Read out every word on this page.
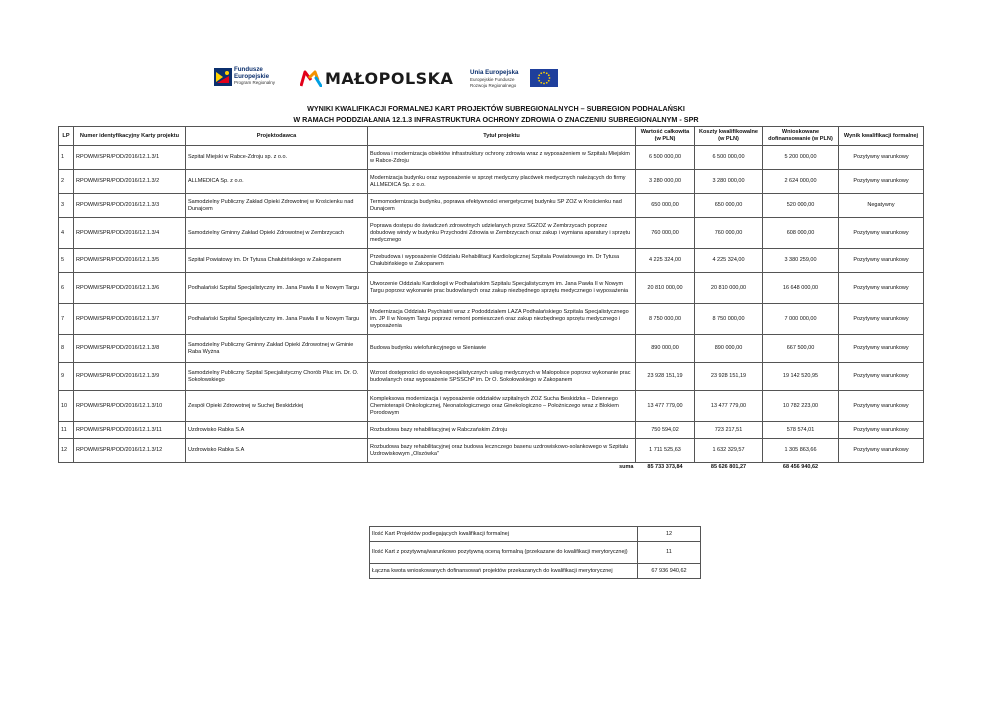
Fundusze
Europejskie
Program Regionalny	MAŁOPOLSKA	Unia Europejska
Europejskie Fundusze
Rozwoju Regionalnego
WYNIKI KWALIFIKACJI FORMALNEJ KART PROJEKTÓW SUBREGIONALNYCH – SUBREGION PODHALAŃSKI
W RAMACH PODDZIAŁANIA 12.1.3 INFRASTRUKTURA OCHRONY ZDROWIA O ZNACZENIU SUBREGIONALNYM - SPR
LP	Numer identyfikacyjny Karty projektu	Projektodawca	Tytuł projektu	Wartość całkowita (w PLN)	Koszty kwalifikowalne (w PLN)	Wnioskowane dofinansowanie (w PLN)	Wynik kwalifikacji formalnej
1	RPOWM/SPR/POD/2016/12.1.3/1	Szpital Miejski w Rabce-Zdroju sp. z o.o.	Budowa i modernizacja obiektów infrastruktury ochrony zdrowia wraz z wyposażeniem w Szpitalu Miejskim w Rabce-Zdroju	6 500 000,00	6 500 000,00	5 200 000,00	Pozytywny warunkowy
2	RPOWM/SPR/POD/2016/12.1.3/2	ALLMEDICA Sp. z o.o.	Modernizacja budynku oraz wyposażenie w sprzęt medyczny placówek medycznych należących do firmy ALLMEDICA Sp. z o.o.	3 280 000,00	3 280 000,00	2 624 000,00	Pozytywny warunkowy
3	RPOWM/SPR/POD/2016/12.1.3/3	Samodzielny Publiczny Zakład Opieki Zdrowotnej w Krościenku nad Dunajcem	Termomodernizacja budynku, poprawa efektywności energetycznej budynku SP ZOZ w Krościenku nad Dunajcem	650 000,00	650 000,00	520 000,00	Negatywny
4	RPOWM/SPR/POD/2016/12.1.3/4	Samodzielny Gminny Zakład Opieki Zdrowotnej w Zembrzycach	Poprawa dostępu do świadczeń zdrowotnych udzielanych przez SGZOZ w Zembrzycach poprzez dobudowę windy w budynku Przychodni Zdrowia w Zembrzycach oraz zakup i wymiana aparatury i sprzętu medycznego	760 000,00	760 000,00	608 000,00	Pozytywny warunkowy
5	RPOWM/SPR/POD/2016/12.1.3/5	Szpital Powiatowy im. Dr Tytusa Chałubińskiego w Zakopanem	Przebudowa i wyposażenie Oddziału Rehabilitacji Kardiologicznej Szpitala Powiatowego im. Dr Tytusa Chałubińskiego w Zakopanem	4 225 324,00	4 225 324,00	3 380 259,00	Pozytywny warunkowy
6	RPOWM/SPR/POD/2016/12.1.3/6	Podhalański Szpital Specjalistyczny im. Jana Pawła II w Nowym Targu	Utworzenie Oddziału Kardiologii w Podhalańskim Szpitalu Specjalistycznym im. Jana Pawła II w Nowym Targu poprzez wykonanie prac budowlanych oraz zakup niezbędnego sprzętu medycznego i wyposażenia	20 810 000,00	20 810 000,00	16 648 000,00	Pozytywny warunkowy
7	RPOWM/SPR/POD/2016/12.1.3/7	Podhalański Szpital Specjalistyczny im. Jana Pawła II w Nowym Targu	Modernizacja Oddziału Psychiatrii wraz z Pododdziałem LAZA Podhalańskiego Szpitala Specjalistycznego im. JP II w Nowym Targu poprzez remont pomieszczeń oraz zakup niezbędnego sprzętu medycznego i wyposażenia	8 750 000,00	8 750 000,00	7 000 000,00	Pozytywny warunkowy
8	RPOWM/SPR/POD/2016/12.1.3/8	Samodzielny Publiczny Gminny Zakład Opieki Zdrowotnej w Gminie Raba Wyżna	Budowa budynku wielofunkcyjnego w Sieniawie	890 000,00	890 000,00	667 500,00	Pozytywny warunkowy
9	RPOWM/SPR/POD/2016/12.1.3/9	Samodzielny Publiczny Szpital Specjalistyczny Chorób Płuc im. Dr. O. Sokołowskiego	Wzrost dostępności do wysokospecjalistycznych usług medycznych w Małopolsce poprzez wykonanie prac budowlanych oraz wyposażenie SPSSChP im. Dr O. Sokołowskiego w Zakopanem	23 928 151,19	23 928 151,19	19 142 520,95	Pozytywny warunkowy
10	RPOWM/SPR/POD/2016/12.1.3/10	Zespół Opieki Zdrowotnej w Suchej Beskidzkiej	Kompleksowa modernizacja i wyposażenie oddziałów szpitalnych ZOZ Sucha Beskidzka – Dziennego Chemioterapii Onkologicznej, Neonatologicznego oraz Ginekologiczno – Położniczego wraz z Blokiem Porodowym	13 477 779,00	13 477 779,00	10 782 223,00	Pozytywny warunkowy
11	RPOWM/SPR/POD/2016/12.1.3/11	Uzdrowisko Rabka S.A	Rozbudowa bazy rehabilitacyjnej w Rabczańskim Zdroju	750 594,02	723 217,51	578 574,01	Pozytywny warunkowy
12	RPOWM/SPR/POD/2016/12.1.3/12	Uzdrowisko Rabka S.A	Rozbudowa bazy rehabilitacyjnej oraz budowa lecznczego basenu uzdrowiskowo-solankowego w Szpitalu Uzdrowiskowym „Olszówka"	1 711 525,63	1 632 329,57	1 305 863,66	Pozytywny warunkowy
suma				85 733 373,84	85 626 801,27	68 456 940,62	
Ilość Kart Projektów podlegających kwalifikacji formalnej	12
Ilość Kart z pozytywną/warunkowo pozytywną oceną formalną (przekazane do kwalifikacji merytorycznej)	11
Łączna kwota wnioskowanych dofinansowań projektów przekazanych do kwalifikacji merytorycznej	67 936 940,62
